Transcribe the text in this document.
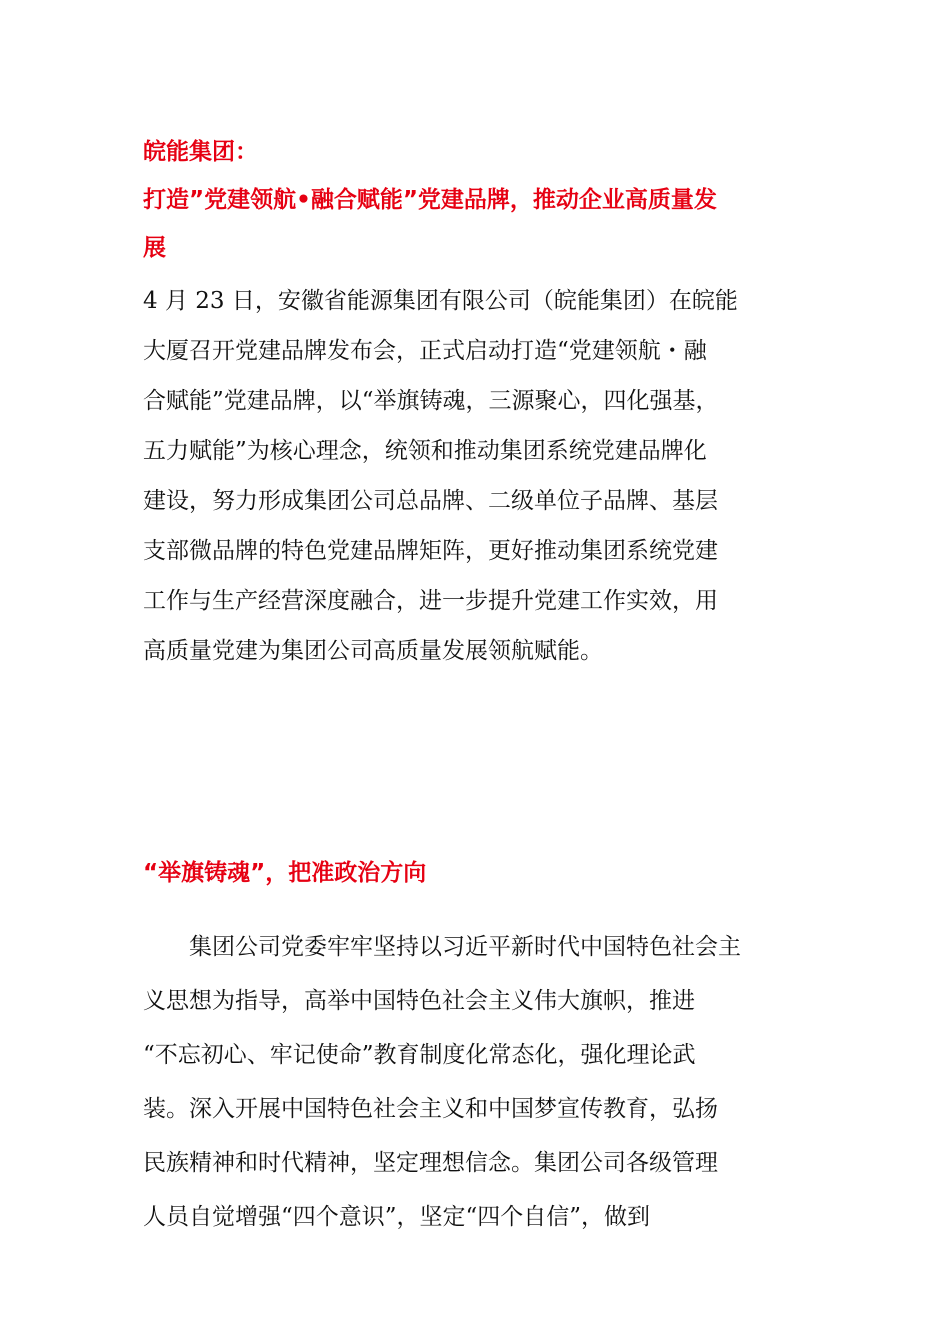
皖能集团：
打造”党建领航•融合赋能”党建品牌，推动企业高质量发
展
4 月 23 日，安徽省能源集团有限公司（皖能集团）在皖能
大厦召开党建品牌发布会，正式启动打造“党建领航・融
合赋能”党建品牌，以“举旗铸魂，三源聚心，四化强基，
五力赋能”为核心理念，统领和推动集团系统党建品牌化
建设，努力形成集团公司总品牌、二级单位子品牌、基层
支部微品牌的特色党建品牌矩阵，更好推动集团系统党建
工作与生产经营深度融合，进一步提升党建工作实效，用
高质量党建为集团公司高质量发展领航赋能。
“举旗铸魂”，把准政治方向
　　集团公司党委牢牢坚持以习近平新时代中国特色社会主
义思想为指导，高举中国特色社会主义伟大旗帜，推进
“不忘初心、牢记使命”教育制度化常态化，强化理论武
装。深入开展中国特色社会主义和中国梦宣传教育，弘扬
民族精神和时代精神，坚定理想信念。集团公司各级管理
人员自觉增强“四个意识”，坚定“四个自信”，做到
